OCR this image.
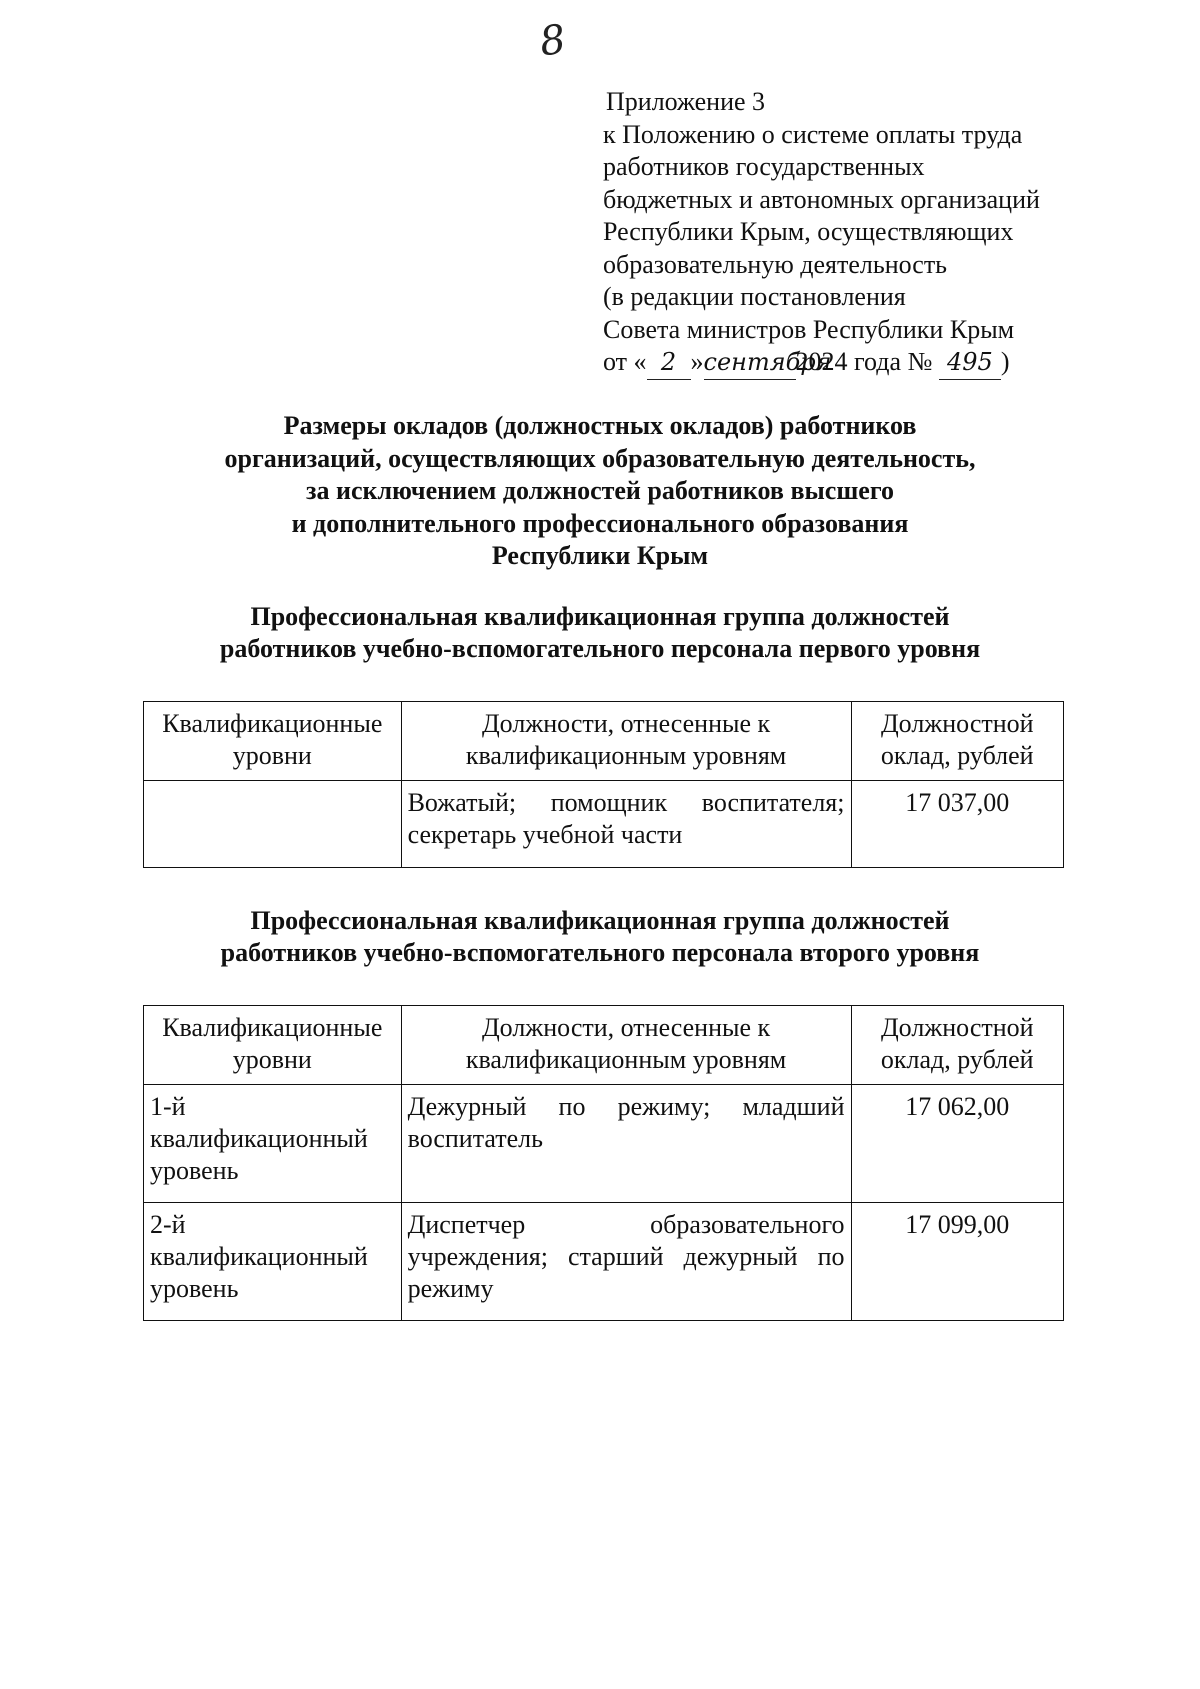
8
Приложение 3
к Положению о системе оплаты труда
работников государственных
бюджетных и автономных организаций
Республики Крым, осуществляющих
образовательную деятельность
(в редакции постановления
Совета министров Республики Крым
от « 2 »сентября2024 года № 495 )
Размеры окладов (должностных окладов) работников
организаций, осуществляющих образовательную деятельность,
за исключением должностей работников высшего
и дополнительного профессионального образования
Республики Крым
Профессиональная квалификационная группа должностей
работников учебно-вспомогательного персонала первого уровня
Квалификационные уровни	Должности, отнесенные к квалификационным уровням	Должностной оклад, рублей
	Вожатый; помощник воспитателя; секретарь учебной части	17 037,00
Профессиональная квалификационная группа должностей
работников учебно-вспомогательного персонала второго уровня
Квалификационные уровни	Должности, отнесенные к квалификационным уровням	Должностной оклад, рублей
1-й квалификационный уровень	Дежурный по режиму; младший воспитатель	17 062,00
2-й квалификационный уровень	Диспетчер образовательного учреждения; старший дежурный по режиму	17 099,00
